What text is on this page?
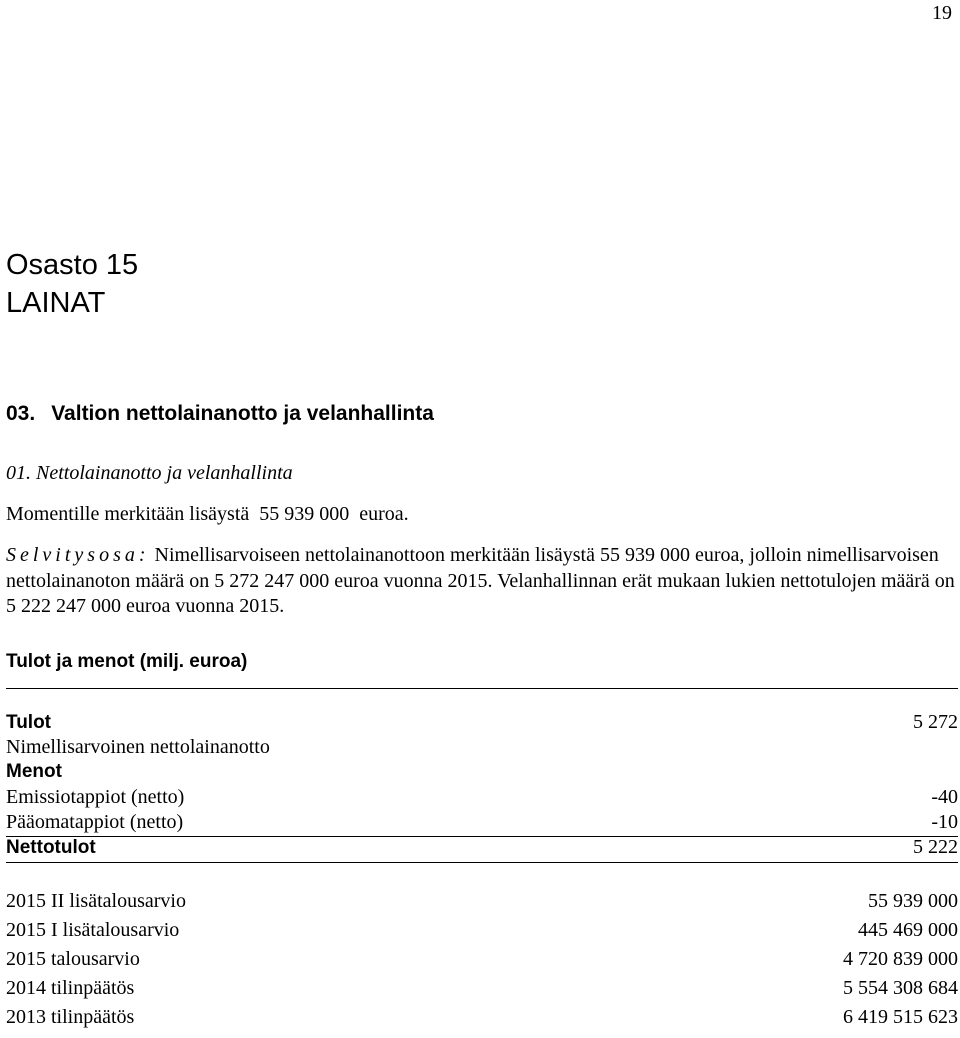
19
Osasto 15
LAINAT
03. Valtion nettolainanotto ja velanhallinta
01. Nettolainanotto ja velanhallinta
Momentille merkitään lisäystä  55 939 000  euroa.
Selvitysosa: Nimellisarvoiseen nettolainanottoon merkitään lisäystä 55 939 000 euroa, jolloin nimellisarvoisen nettolainanoton määrä on 5 272 247 000 euroa vuonna 2015. Velanhallinnan erät mukaan lukien nettotulojen määrä on 5 222 247 000 euroa vuonna 2015.
Tulot ja menot (milj. euroa)
Tulot	5 272
Nimellisarvoinen nettolainanotto
Menot
Emissiotappiot (netto)	-40
Pääomatappiot (netto)	-10
Nettotulot	5 222
2015 II lisätalousarvio	55 939 000
2015 I lisätalousarvio	445 469 000
2015 talousarvio	4 720 839 000
2014 tilinpäätös	5 554 308 684
2013 tilinpäätös	6 419 515 623
